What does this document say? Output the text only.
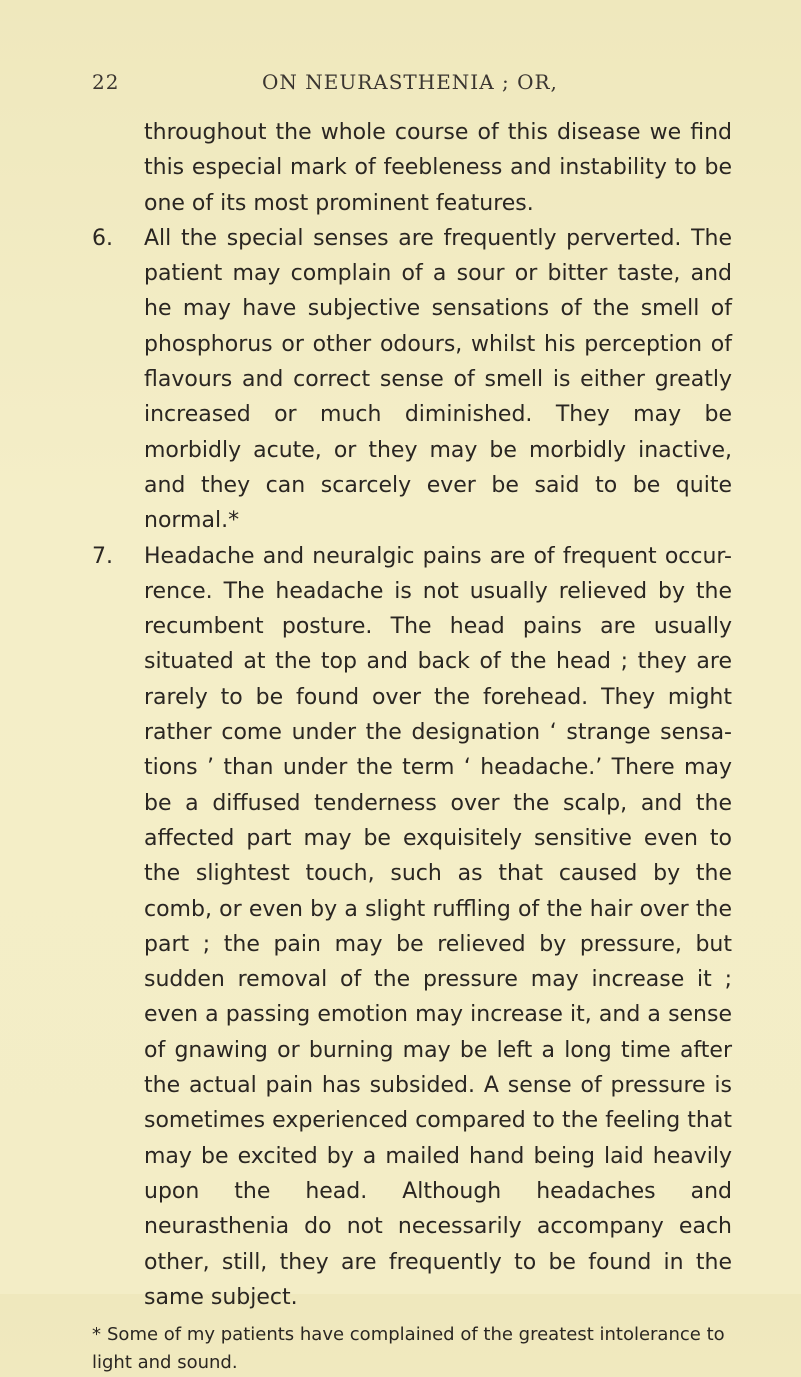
22	ON NEURASTHENIA ; OR,

throughout the whole course of this disease we find this especial mark of feebleness and instability to be one of its most prominent features.

6. All the special senses are frequently perverted. The patient may complain of a sour or bitter taste, and he may have subjective sensations of the smell of phosphorus or other odours, whilst his perception of flavours and correct sense of smell is either greatly increased or much diminished. They may be morbidly acute, or they may be morbidly inactive, and they can scarcely ever be said to be quite normal.*
7. Headache and neuralgic pains are of frequent occur- rence. The headache is not usually relieved by the recumbent posture. The head pains are usually situated at the top and back of the head ; they are rarely to be found over the forehead. They might rather come under the designation ‘ strange sensa- tions ’ than under the term ‘ headache.’ There may be a diffused tenderness over the scalp, and the affected part may be exquisitely sensitive even to the slightest touch, such as that caused by the comb, or even by a slight ruffling of the hair over the part ; the pain may be relieved by pressure, but sudden removal of the pressure may increase it ; even a passing emotion may increase it, and a sense of gnawing or burning may be left a long time after the actual pain has subsided. A sense of pressure is sometimes experienced compared to the feeling that may be excited by a mailed hand being laid heavily upon the head. Although headaches and neurasthenia do not necessarily accompany each other, still, they are frequently to be found in the same subject.

* Some of my patients have complained of the greatest intolerance to light and sound.
